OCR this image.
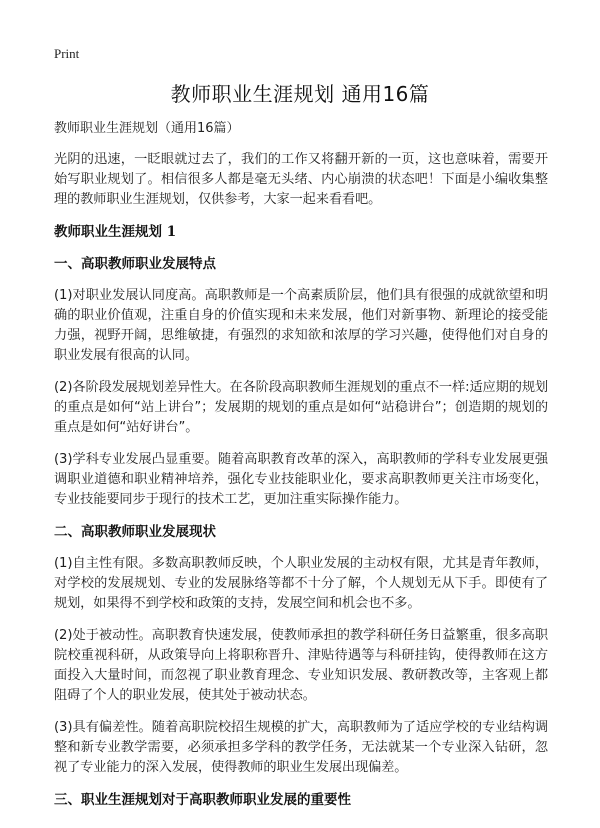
Print
教师职业生涯规划 通用16篇
教师职业生涯规划（通用16篇）

光阴的迅速，一眨眼就过去了，我们的工作又将翻开新的一页，这也意味着，需要开始写职业规划了。相信很多人都是毫无头绪、内心崩溃的状态吧！下面是小编收集整理的教师职业生涯规划，仅供参考，大家一起来看看吧。

教师职业生涯规划 1
一、高职教师职业发展特点

(1)对职业发展认同度高。高职教师是一个高素质阶层，他们具有很强的成就欲望和明确的职业价值观，注重自身的价值实现和未来发展，他们对新事物、新理论的接受能力强，视野开阔，思维敏捷，有强烈的求知欲和浓厚的学习兴趣，使得他们对自身的职业发展有很高的认同。

(2)各阶段发展规划差异性大。在各阶段高职教师生涯规划的重点不一样:适应期的规划的重点是如何“站上讲台”；发展期的规划的重点是如何“站稳讲台”；创造期的规划的重点是如何“站好讲台”。

(3)学科专业发展凸显重要。随着高职教育改革的深入，高职教师的学科专业发展更强调职业道德和职业精神培养，强化专业技能职业化，要求高职教师更关注市场变化，专业技能要同步于现行的技术工艺，更加注重实际操作能力。

二、高职教师职业发展现状

(1)自主性有限。多数高职教师反映，个人职业发展的主动权有限，尤其是青年教师，对学校的发展规划、专业的发展脉络等都不十分了解，个人规划无从下手。即使有了规划，如果得不到学校和政策的支持，发展空间和机会也不多。

(2)处于被动性。高职教育快速发展，使教师承担的教学科研任务日益繁重，很多高职院校重视科研，从政策导向上将职称晋升、津贴待遇等与科研挂钩，使得教师在这方面投入大量时间，而忽视了职业教育理念、专业知识发展、教研教改等，主客观上都阻碍了个人的职业发展，使其处于被动状态。

(3)具有偏差性。随着高职院校招生规模的扩大，高职教师为了适应学校的专业结构调整和新专业教学需要，必须承担多学科的教学任务，无法就某一个专业深入钻研，忽视了专业能力的深入发展，使得教师的职业生发展出现偏差。

三、职业生涯规划对于高职教师职业发展的重要性
